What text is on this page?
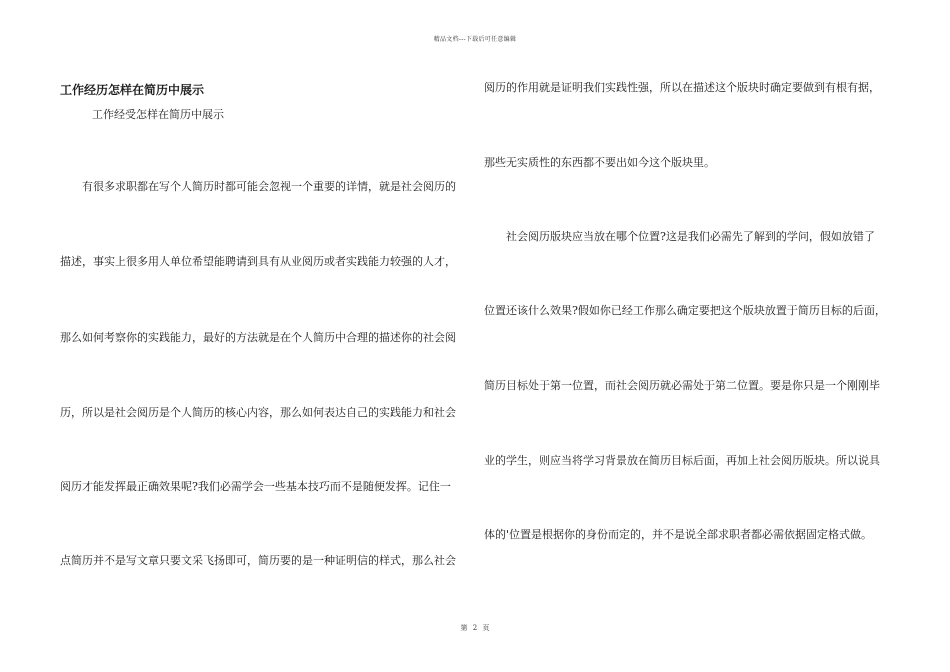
精品文档---下载后可任意编辑
工作经历怎样在简历中展示
工作经受怎样在简历中展示
有很多求职都在写个人简历时都可能会忽视一个重要的详情，就是社会阅历的
描述，事实上很多用人单位希望能聘请到具有从业阅历或者实践能力较强的人才，
那么如何考察你的实践能力，最好的方法就是在个人简历中合理的描述你的社会阅
历，所以是社会阅历是个人简历的核心内容，那么如何表达自己的实践能力和社会
阅历才能发挥最正确效果呢?我们必需学会一些基本技巧而不是随便发挥。记住一
点简历并不是写文章只要文采飞扬即可，简历要的是一种证明信的样式，那么社会
阅历的作用就是证明我们实践性强，所以在描述这个版块时确定要做到有根有据，
那些无实质性的东西都不要出如今这个版块里。
社会阅历版块应当放在哪个位置?这是我们必需先了解到的学问，假如放错了
位置还该什么效果?假如你已经工作那么确定要把这个版块放置于简历目标的后面，
简历目标处于第一位置，而社会阅历就必需处于第二位置。要是你只是一个刚刚毕
业的学生，则应当将学习背景放在简历目标后面，再加上社会阅历版块。所以说具
体的'位置是根据你的身份而定的，并不是说全部求职者都必需依据固定格式做。
第 2 页
